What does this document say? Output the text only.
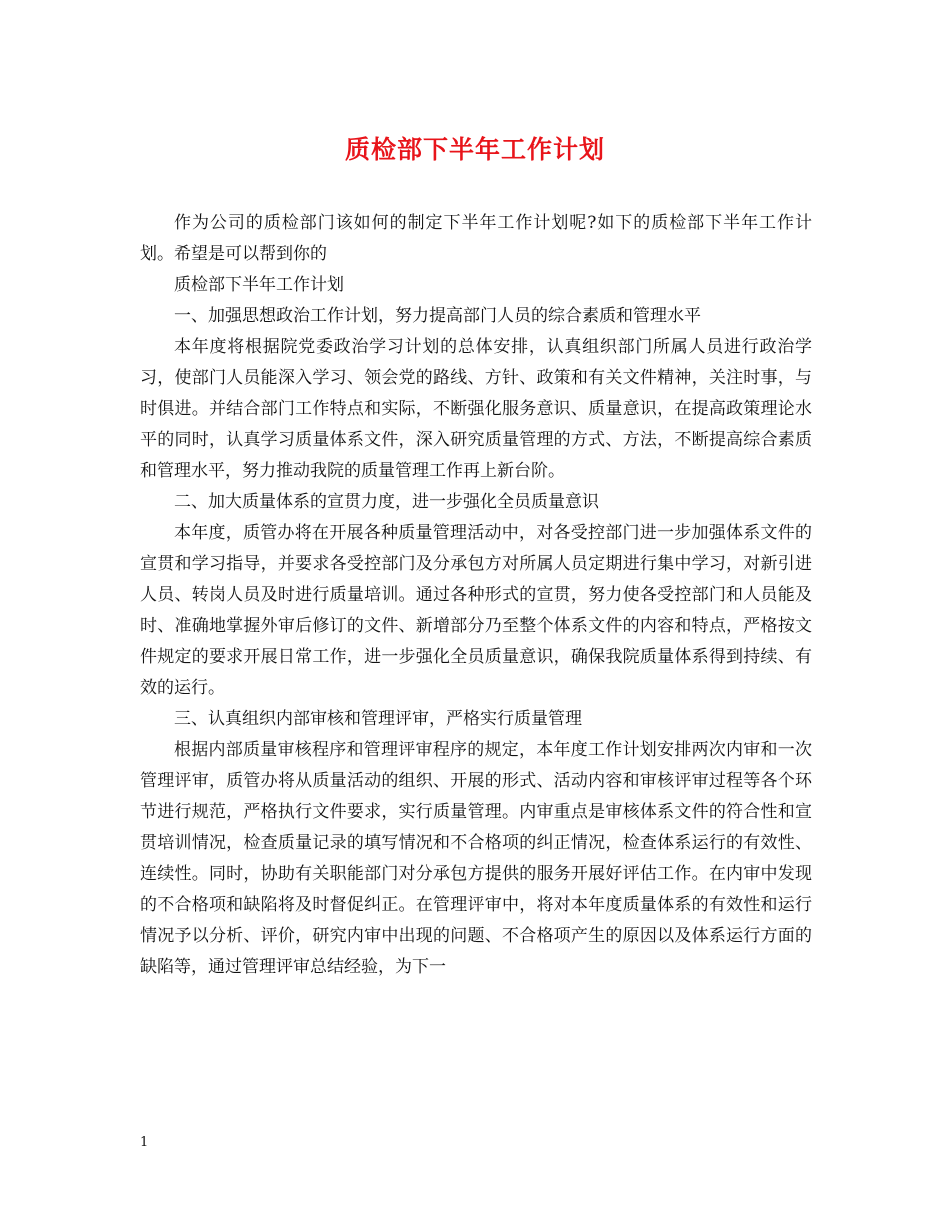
质检部下半年工作计划

作为公司的质检部门该如何的制定下半年工作计划呢?如下的质检部下半年工作计划。希望是可以帮到你的

质检部下半年工作计划

一、加强思想政治工作计划，努力提高部门人员的综合素质和管理水平

本年度将根据院党委政治学习计划的总体安排，认真组织部门所属人员进行政治学习，使部门人员能深入学习、领会党的路线、方针、政策和有关文件精神，关注时事，与时俱进。并结合部门工作特点和实际，不断强化服务意识、质量意识，在提高政策理论水平的同时，认真学习质量体系文件，深入研究质量管理的方式、方法，不断提高综合素质和管理水平，努力推动我院的质量管理工作再上新台阶。

二、加大质量体系的宣贯力度，进一步强化全员质量意识

本年度，质管办将在开展各种质量管理活动中，对各受控部门进一步加强体系文件的宣贯和学习指导，并要求各受控部门及分承包方对所属人员定期进行集中学习，对新引进人员、转岗人员及时进行质量培训。通过各种形式的宣贯，努力使各受控部门和人员能及时、准确地掌握外审后修订的文件、新增部分乃至整个体系文件的内容和特点，严格按文件规定的要求开展日常工作，进一步强化全员质量意识，确保我院质量体系得到持续、有效的运行。

三、认真组织内部审核和管理评审，严格实行质量管理

根据内部质量审核程序和管理评审程序的规定，本年度工作计划安排两次内审和一次管理评审，质管办将从质量活动的组织、开展的形式、活动内容和审核评审过程等各个环节进行规范，严格执行文件要求，实行质量管理。内审重点是审核体系文件的符合性和宣贯培训情况，检查质量记录的填写情况和不合格项的纠正情况，检查体系运行的有效性、连续性。同时，协助有关职能部门对分承包方提供的服务开展好评估工作。在内审中发现的不合格项和缺陷将及时督促纠正。在管理评审中，将对本年度质量体系的有效性和运行情况予以分析、评价，研究内审中出现的问题、不合格项产生的原因以及体系运行方面的缺陷等，通过管理评审总结经验，为下一

1
